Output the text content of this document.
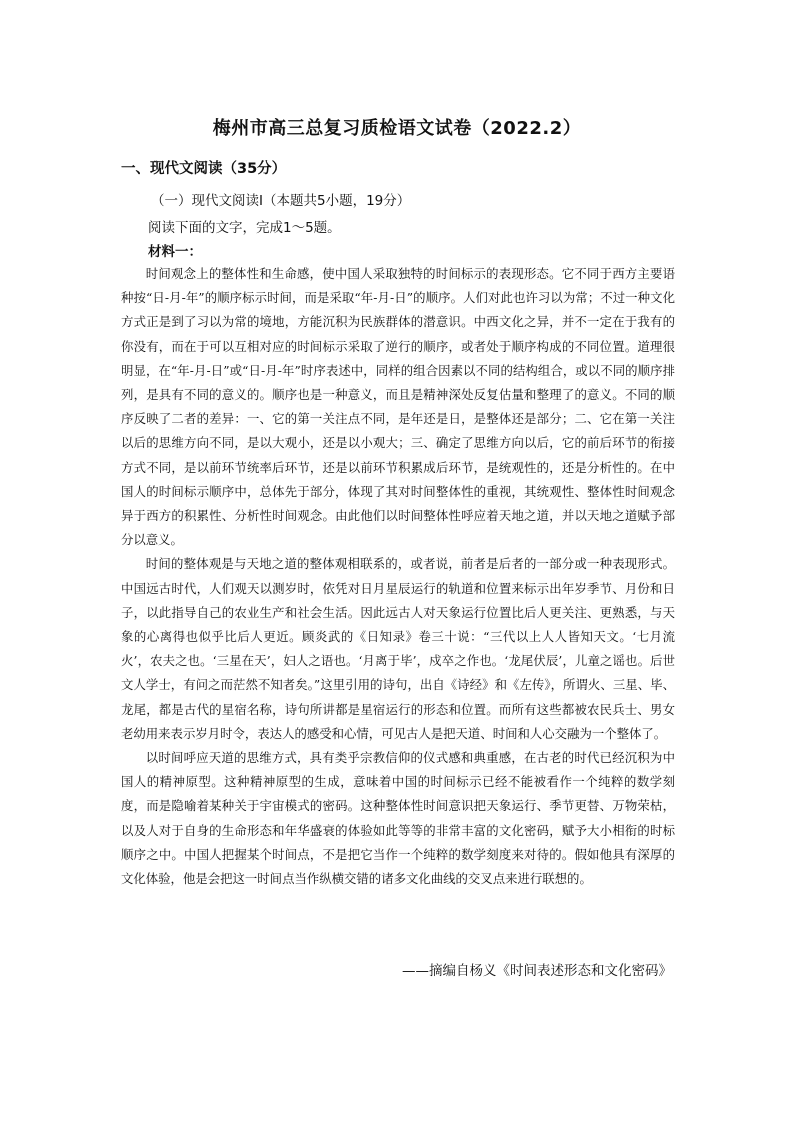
梅州市高三总复习质检语文试卷（2022.2）
一、现代文阅读（35分）
（一）现代文阅读Ⅰ（本题共5小题，19分）
阅读下面的文字，完成1～5题。
材料一：

时间观念上的整体性和生命感，使中国人采取独特的时间标示的表现形态。它不同于西方主要语种按“日-月-年”的顺序标示时间，而是采取“年-月-日”的顺序。人们对此也许习以为常；不过一种文化方式正是到了习以为常的境地，方能沉积为民族群体的潜意识。中西文化之异，并不一定在于我有的你没有，而在于可以互相对应的时间标示采取了逆行的顺序，或者处于顺序构成的不同位置。道理很明显，在“年-月-日”或“日-月-年”时序表述中，同样的组合因素以不同的结构组合，或以不同的顺序排列，是具有不同的意义的。顺序也是一种意义，而且是精神深处反复估量和整理了的意义。不同的顺序反映了二者的差异：一、它的第一关注点不同，是年还是日，是整体还是部分；二、它在第一关注以后的思维方向不同，是以大观小，还是以小观大；三、确定了思维方向以后，它的前后环节的衔接方式不同，是以前环节统率后环节，还是以前环节积累成后环节，是统观性的，还是分析性的。在中国人的时间标示顺序中，总体先于部分，体现了其对时间整体性的重视，其统观性、整体性时间观念异于西方的积累性、分析性时间观念。由此他们以时间整体性呼应着天地之道，并以天地之道赋予部分以意义。

时间的整体观是与天地之道的整体观相联系的，或者说，前者是后者的一部分或一种表现形式。中国远古时代，人们观天以测岁时，依凭对日月星辰运行的轨道和位置来标示出年岁季节、月份和日子，以此指导自己的农业生产和社会生活。因此远古人对天象运行位置比后人更关注、更熟悉，与天象的心离得也似乎比后人更近。顾炎武的《日知录》卷三十说：“三代以上人人皆知天文。‘七月流火’，农夫之也。‘三星在天’，妇人之语也。‘月离于毕’，戍卒之作也。‘龙尾伏辰’，儿童之谣也。后世文人学士，有问之而茫然不知者矣。”这里引用的诗句，出自《诗经》和《左传》，所谓火、三星、毕、龙尾，都是古代的星宿名称，诗句所讲都是星宿运行的形态和位置。而所有这些都被农民兵士、男女老幼用来表示岁月时令，表达人的感受和心情，可见古人是把天道、时间和人心交融为一个整体了。

以时间呼应天道的思维方式，具有类乎宗教信仰的仪式感和典重感，在古老的时代已经沉积为中国人的精神原型。这种精神原型的生成，意味着中国的时间标示已经不能被看作一个纯粹的数学刻度，而是隐喻着某种关于宇宙模式的密码。这种整体性时间意识把天象运行、季节更替、万物荣枯，以及人对于自身的生命形态和年华盛衰的体验如此等等的非常丰富的文化密码，赋予大小相衔的时标顺序之中。中国人把握某个时间点，不是把它当作一个纯粹的数学刻度来对待的。假如他具有深厚的文化体验，他是会把这一时间点当作纵横交错的诸多文化曲线的交叉点来进行联想的。

——摘编自杨义《时间表述形态和文化密码》
